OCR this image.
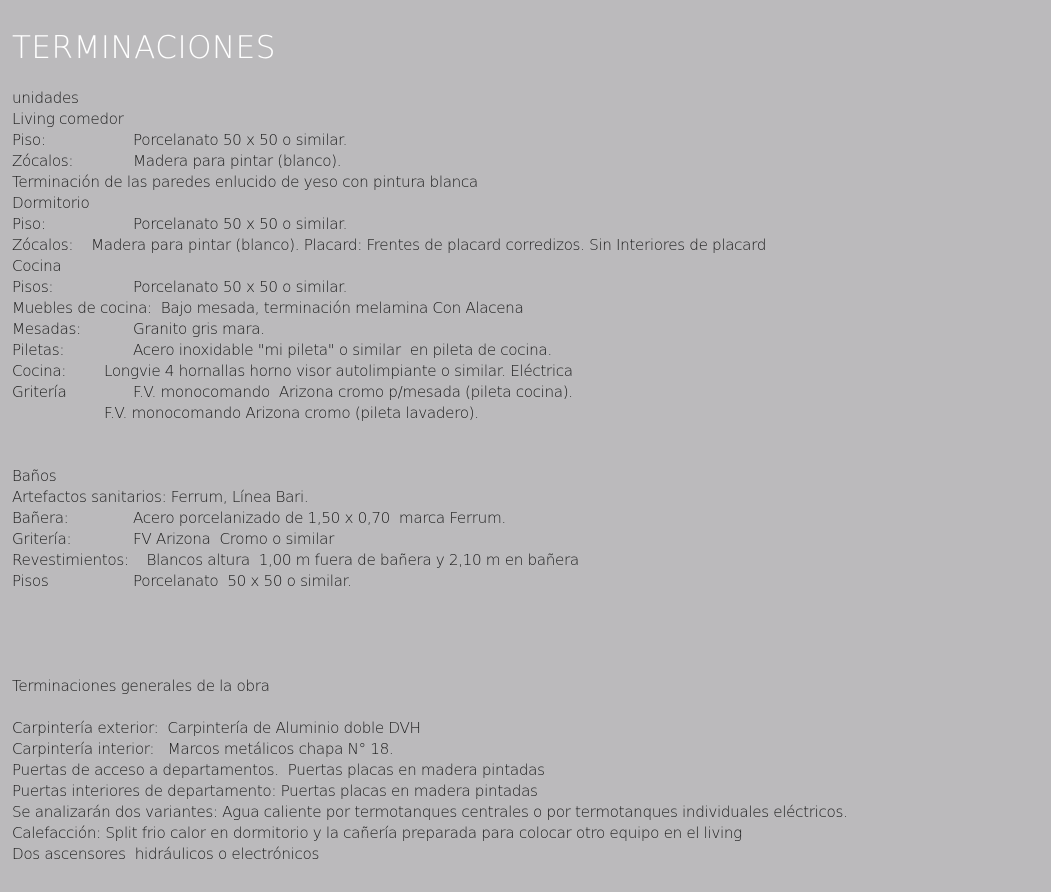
TERMINACIONES
unidades
Living comedor
Piso:	Porcelanato 50 x 50 o similar.
Zócalos:	Madera para pintar (blanco).
Terminación de las paredes enlucido de yeso con pintura blanca
Dormitorio
Piso:	Porcelanato 50 x 50 o similar.
Zócalos:    Madera para pintar (blanco). Placard: Frentes de placard corredizos. Sin Interiores de placard
Cocina
Pisos:	Porcelanato 50 x 50 o similar.
Muebles de cocina:  Bajo mesada, terminación melamina Con Alacena
Mesadas:	Granito gris mara.
Piletas:	Acero inoxidable "mi pileta" o similar  en pileta de cocina.
Cocina: Longvie 4 hornallas horno visor autolimpiante o similar. Eléctrica
Gritería	F.V. monocomando  Arizona cromo p/mesada (pileta cocina).
F.V. monocomando Arizona cromo (pileta lavadero).
Baños
Artefactos sanitarios: Ferrum, Línea Bari.
Bañera:	Acero porcelanizado de 1,50 x 0,70  marca Ferrum.
Gritería:	FV Arizona  Cromo o similar
Revestimientos:    Blancos altura  1,00 m fuera de bañera y 2,10 m en bañera
Pisos	Porcelanato  50 x 50 o similar.
Terminaciones generales de la obra
Carpintería exterior:  Carpintería de Aluminio doble DVH
Carpintería interior:   Marcos metálicos chapa N° 18.
Puertas de acceso a departamentos.  Puertas placas en madera pintadas
Puertas interiores de departamento: Puertas placas en madera pintadas
Se analizarán dos variantes: Agua caliente por termotanques centrales o por termotanques individuales eléctricos.
Calefacción: Split frio calor en dormitorio y la cañería preparada para colocar otro equipo en el living
Dos ascensores  hidráulicos o electrónicos
